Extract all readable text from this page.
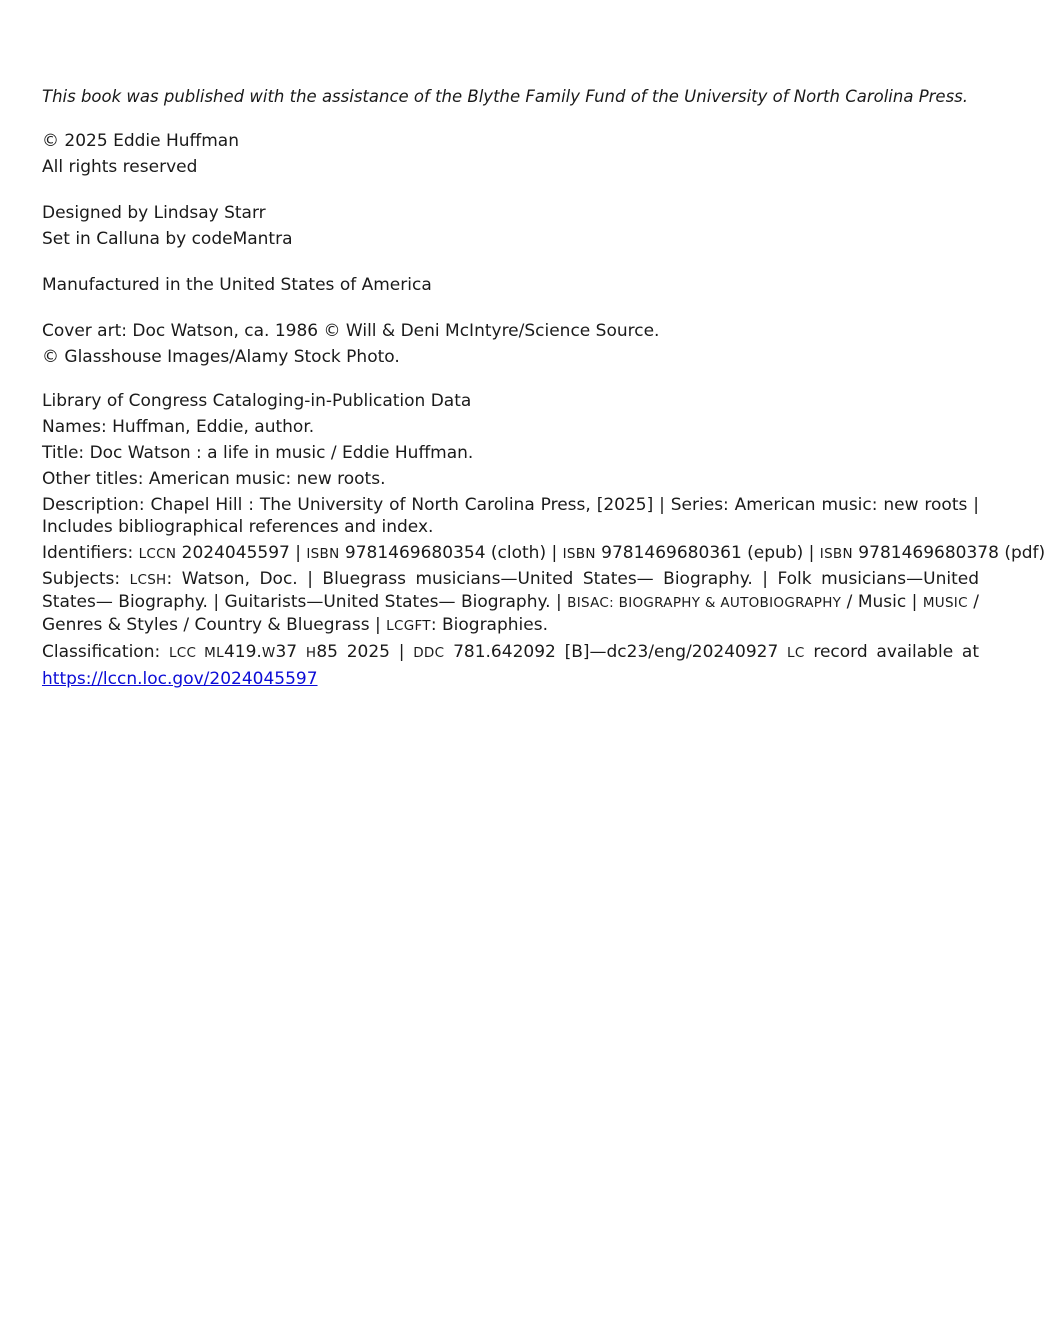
This book was published with the assistance of the Blythe Family Fund of the University of North Carolina Press.

© 2025 Eddie Huffman
All rights reserved
Designed by Lindsay Starr
Set in Calluna by codeMantra
Manufactured in the United States of America
Cover art: Doc Watson, ca. 1986 © Will & Deni McIntyre/Science Source.
© Glasshouse Images/Alamy Stock Photo.

Library of Congress Cataloging-in-Publication Data

Names: Huffman, Eddie, author.

Title: Doc Watson : a life in music / Eddie Huffman.

Other titles: American music: new roots.

Description: Chapel Hill : The University of North Carolina Press, [2025] | Series: American music: new roots | Includes bibliographical references and index.

Identifiers: LCCN 2024045597 | ISBN 9781469680354 (cloth) | ISBN 9781469680361 (epub) | ISBN 9781469680378 (pdf)

Subjects: LCSH: Watson, Doc. | Bluegrass musicians—United States— Biography. | Folk musicians—United States— Biography. | Guitarists—United States— Biography. | BISAC: BIOGRAPHY & AUTOBIOGRAPHY / Music | MUSIC / Genres & Styles / Country & Bluegrass | LCGFT: Biographies.

Classification: LCC ML419.W37 H85 2025 | DDC 781.642092 [B]—dc23/eng/20240927 LC record available at

https://lccn.loc.gov/2024045597
